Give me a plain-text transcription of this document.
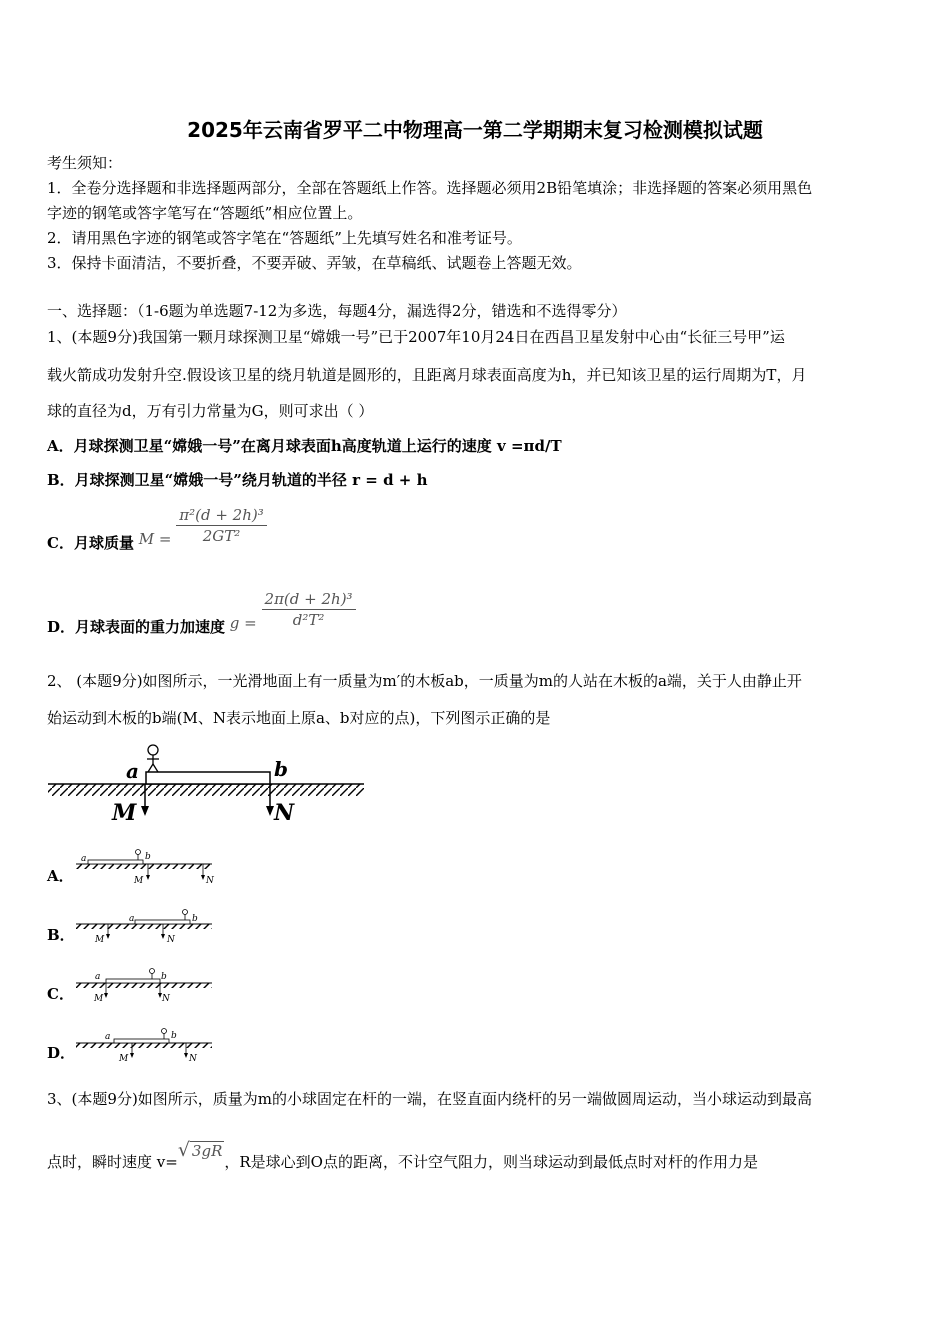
2025年云南省罗平二中物理高一第二学期期末复习检测模拟试题
考生须知：
1．全卷分选择题和非选择题两部分，全部在答题纸上作答。选择题必须用2B铅笔填涂；非选择题的答案必须用黑色
字迹的钢笔或答字笔写在“答题纸”相应位置上。
2．请用黑色字迹的钢笔或答字笔在“答题纸”上先填写姓名和准考证号。
3．保持卡面清洁，不要折叠，不要弄破、弄皱，在草稿纸、试题卷上答题无效。
一、选择题：（1-6题为单选题7-12为多选，每题4分，漏选得2分，错选和不选得零分）
1、(本题9分)我国第一颗月球探测卫星“嫦娥一号”已于2007年10月24日在西昌卫星发射中心由“长征三号甲”运
载火箭成功发射升空.假设该卫星的绕月轨道是圆形的，且距离月球表面高度为h，并已知该卫星的运行周期为T，月
球的直径为d，万有引力常量为G，则可求出（ ）
A．月球探测卫星“嫦娥一号”在离月球表面h高度轨道上运行的速度 v =πd/T
B．月球探测卫星“嫦娥一号”绕月轨道的半径 r = d + h
C．月球质量 $M = \frac{\text{π²(d + 2h)³}}{\text{2GT²}}$
D．月球表面的重力加速度 $g = \frac{\text{2π(d + 2h)³}}{\text{d²T²}}$
2、 (本题9分)如图所示，一光滑地面上有一质量为m′的木板ab，一质量为m的人站在木板的a端，关于人由静止开
始运动到木板的b端(M、N表示地面上原a、b对应的点)，下列图示正确的是
a	b
M	N
A．
a	b
M	N
B．
a	b
M	N
C．
a	b
M	N
D．
a	b
M	N
3、(本题9分)如图所示，质量为m的小球固定在杆的一端，在竖直面内绕杆的另一端做圆周运动，当小球运动到最高
点时，瞬时速度 v=√ 3gR，R是球心到O点的距离，不计空气阻力，则当球运动到最低点时对杆的作用力是
